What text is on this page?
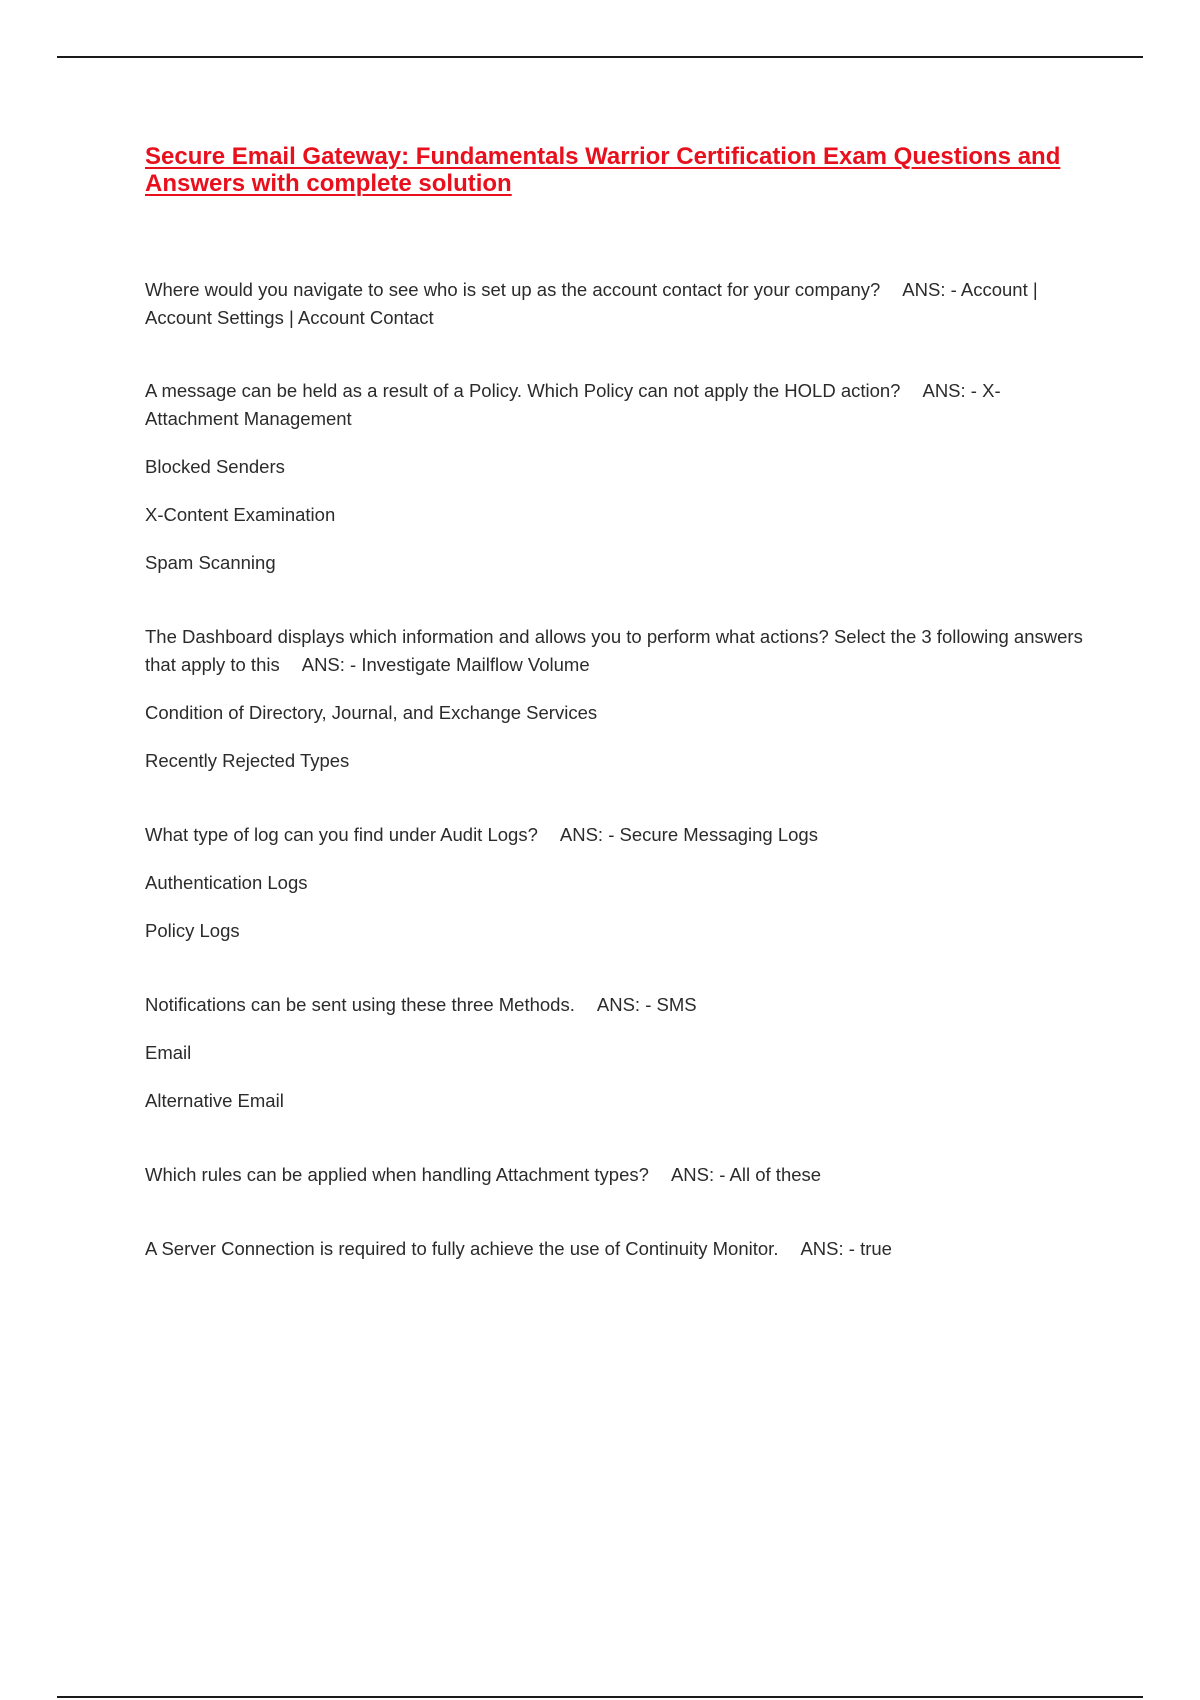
Secure Email Gateway: Fundamentals Warrior Certification Exam Questions and Answers with complete solution

Where would you navigate to see who is set up as the account contact for your company? ANS: - Account | Account Settings | Account Contact

A message can be held as a result of a Policy. Which Policy can not apply the HOLD action? ANS: - X-Attachment Management

Blocked Senders

X-Content Examination

Spam Scanning

The Dashboard displays which information and allows you to perform what actions? Select the 3 following answers that apply to this ANS: - Investigate Mailflow Volume

Condition of Directory, Journal, and Exchange Services

Recently Rejected Types

What type of log can you find under Audit Logs? ANS: - Secure Messaging Logs

Authentication Logs

Policy Logs

Notifications can be sent using these three Methods. ANS: - SMS

Email

Alternative Email

Which rules can be applied when handling Attachment types? ANS: - All of these

A Server Connection is required to fully achieve the use of Continuity Monitor. ANS: - true
